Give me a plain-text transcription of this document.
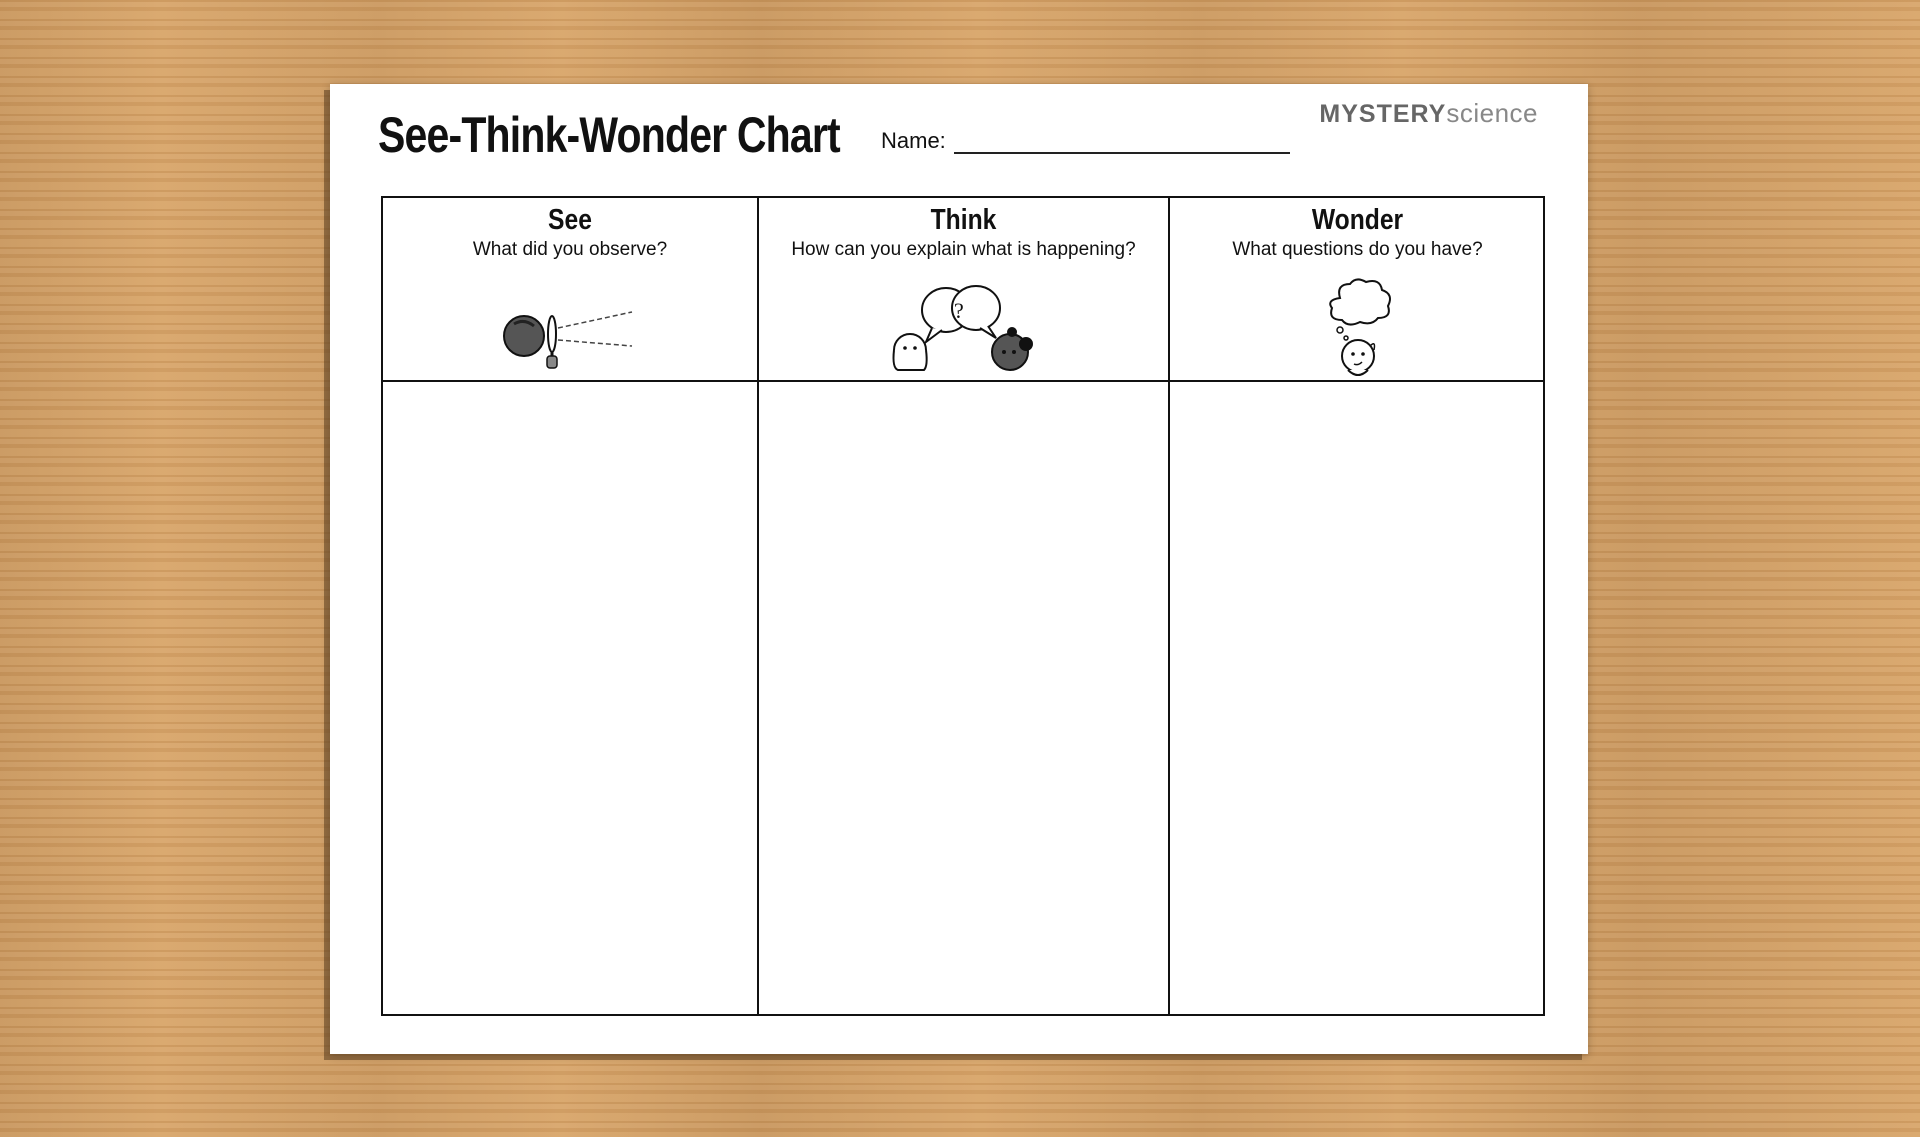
See-Think-Wonder Chart Name:
MYSTERYscience
See

What did you observe?

Think

How can you explain what is happening?

?
Wonder

What questions do you have?
